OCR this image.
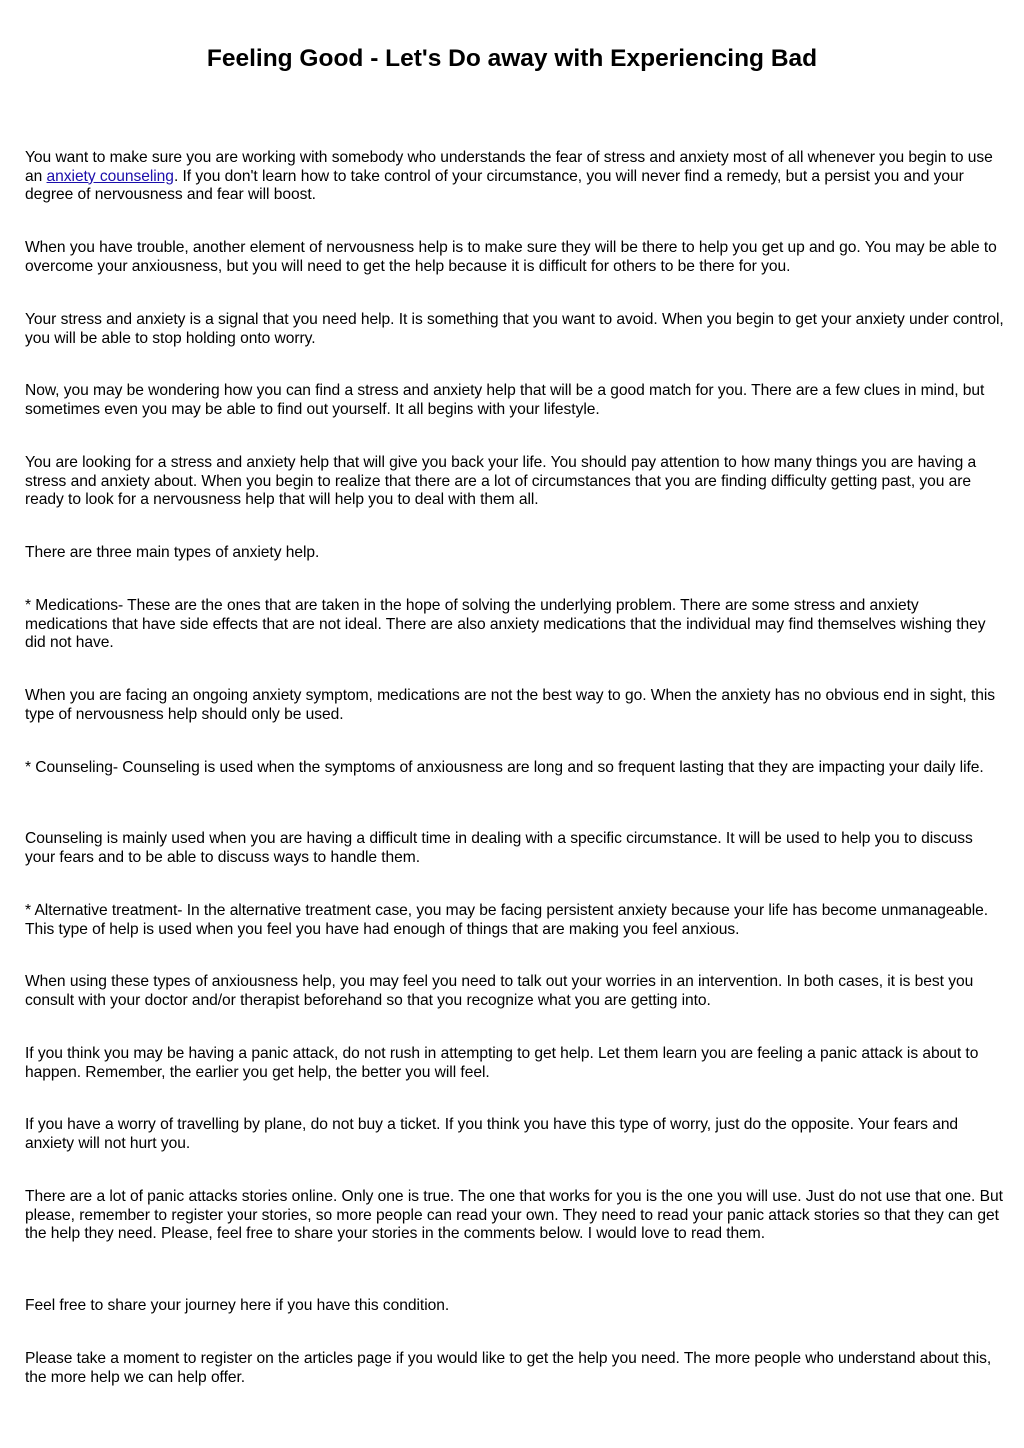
Feeling Good - Let's Do away with Experiencing Bad

You want to make sure you are working with somebody who understands the fear of stress and anxiety most of all whenever you begin to use an anxiety counseling. If you don't learn how to take control of your circumstance, you will never find a remedy, but a persist you and your degree of nervousness and fear will boost.

When you have trouble, another element of nervousness help is to make sure they will be there to help you get up and go. You may be able to overcome your anxiousness, but you will need to get the help because it is difficult for others to be there for you.

Your stress and anxiety is a signal that you need help. It is something that you want to avoid. When you begin to get your anxiety under control, you will be able to stop holding onto worry.

Now, you may be wondering how you can find a stress and anxiety help that will be a good match for you. There are a few clues in mind, but sometimes even you may be able to find out yourself. It all begins with your lifestyle.

You are looking for a stress and anxiety help that will give you back your life. You should pay attention to how many things you are having a stress and anxiety about. When you begin to realize that there are a lot of circumstances that you are finding difficulty getting past, you are ready to look for a nervousness help that will help you to deal with them all.

There are three main types of anxiety help.

* Medications- These are the ones that are taken in the hope of solving the underlying problem. There are some stress and anxiety medications that have side effects that are not ideal. There are also anxiety medications that the individual may find themselves wishing they did not have.

When you are facing an ongoing anxiety symptom, medications are not the best way to go. When the anxiety has no obvious end in sight, this type of nervousness help should only be used.

* Counseling- Counseling is used when the symptoms of anxiousness are long and so frequent lasting that they are impacting your daily life.

Counseling is mainly used when you are having a difficult time in dealing with a specific circumstance. It will be used to help you to discuss your fears and to be able to discuss ways to handle them.

* Alternative treatment- In the alternative treatment case, you may be facing persistent anxiety because your life has become unmanageable. This type of help is used when you feel you have had enough of things that are making you feel anxious.

When using these types of anxiousness help, you may feel you need to talk out your worries in an intervention. In both cases, it is best you consult with your doctor and/or therapist beforehand so that you recognize what you are getting into.

If you think you may be having a panic attack, do not rush in attempting to get help. Let them learn you are feeling a panic attack is about to happen. Remember, the earlier you get help, the better you will feel.

If you have a worry of travelling by plane, do not buy a ticket. If you think you have this type of worry, just do the opposite. Your fears and anxiety will not hurt you.

There are a lot of panic attacks stories online. Only one is true. The one that works for you is the one you will use. Just do not use that one. But please, remember to register your stories, so more people can read your own. They need to read your panic attack stories so that they can get the help they need. Please, feel free to share your stories in the comments below. I would love to read them.

Feel free to share your journey here if you have this condition.

Please take a moment to register on the articles page if you would like to get the help you need. The more people who understand about this, the more help we can help offer.
